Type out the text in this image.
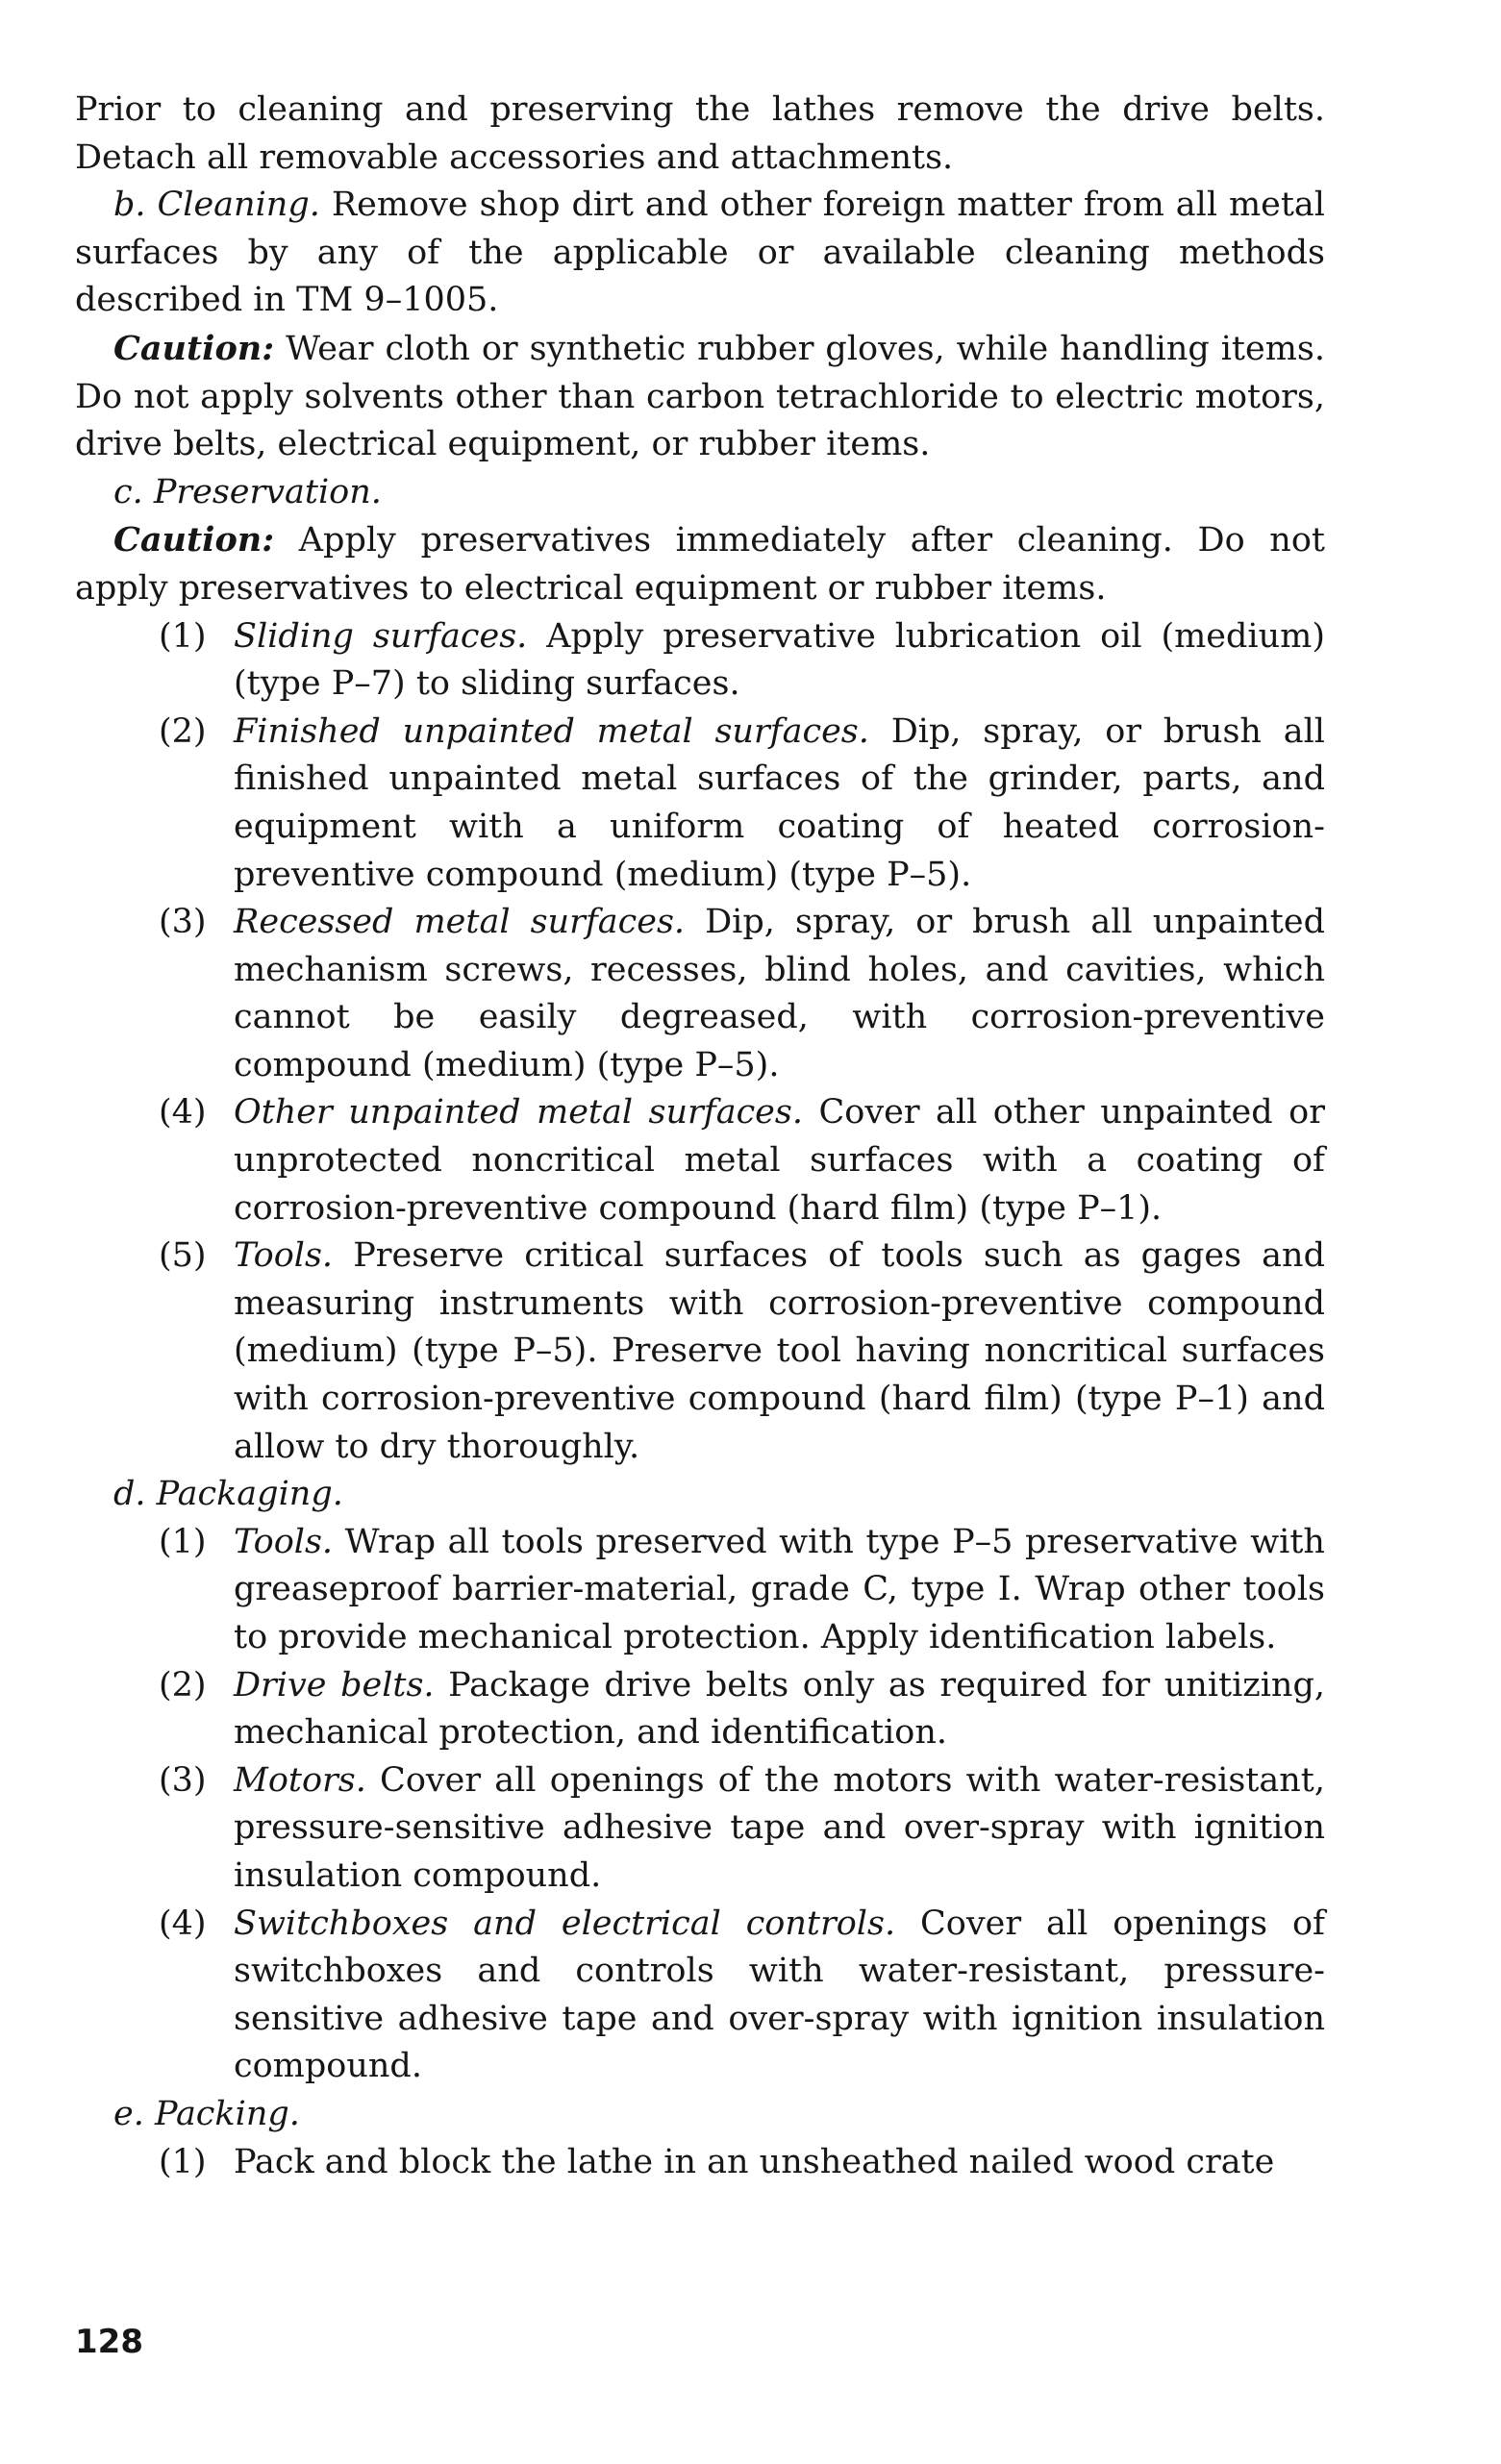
Prior to cleaning and preserving the lathes remove the drive belts. Detach all removable accessories and attachments.

b. Cleaning. Remove shop dirt and other foreign matter from all metal surfaces by any of the applicable or available cleaning methods described in TM 9–1005.

Caution: Wear cloth or synthetic rubber gloves, while handling items. Do not apply solvents other than carbon tetrachloride to electric motors, drive belts, electrical equipment, or rubber items.

c. Preservation.

Caution: Apply preservatives immediately after cleaning. Do not apply preservatives to electrical equipment or rubber items.

(1) Sliding surfaces. Apply preservative lubrication oil (medium) (type P–7) to sliding surfaces.

(2) Finished unpainted metal surfaces. Dip, spray, or brush all finished unpainted metal surfaces of the grinder, parts, and equipment with a uniform coating of heated corrosion-preventive compound (medium) (type P–5).

(3) Recessed metal surfaces. Dip, spray, or brush all unpainted mechanism screws, recesses, blind holes, and cavities, which cannot be easily degreased, with corrosion-preventive compound (medium) (type P–5).

(4) Other unpainted metal surfaces. Cover all other unpainted or unprotected noncritical metal surfaces with a coating of corrosion-preventive compound (hard film) (type P–1).

(5) Tools. Preserve critical surfaces of tools such as gages and measuring instruments with corrosion-preventive compound (medium) (type P–5). Preserve tool having noncritical surfaces with corrosion-preventive compound (hard film) (type P–1) and allow to dry thoroughly.

d. Packaging.

(1) Tools. Wrap all tools preserved with type P–5 preservative with greaseproof barrier-material, grade C, type I. Wrap other tools to provide mechanical protection. Apply identification labels.

(2) Drive belts. Package drive belts only as required for unitizing, mechanical protection, and identification.

(3) Motors. Cover all openings of the motors with water-resistant, pressure-sensitive adhesive tape and over-spray with ignition insulation compound.

(4) Switchboxes and electrical controls. Cover all openings of switchboxes and controls with water-resistant, pressure-sensitive adhesive tape and over-spray with ignition insulation compound.

e. Packing.

(1) Pack and block the lathe in an unsheathed nailed wood crate

128
